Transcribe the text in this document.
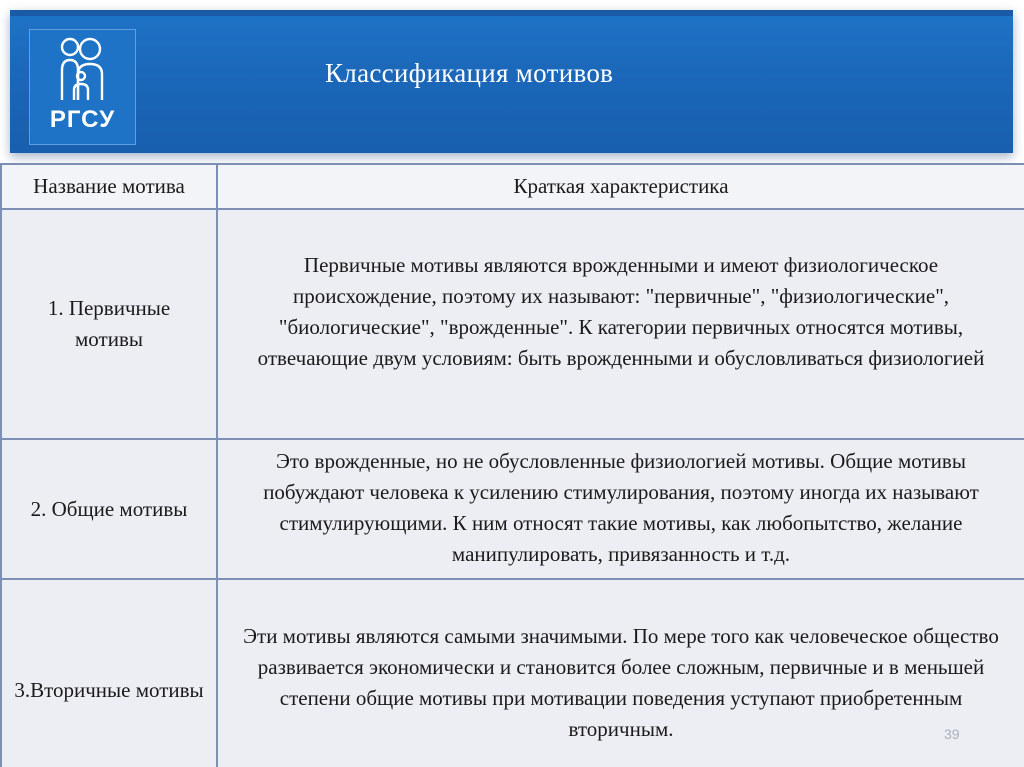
РГСУ
Классификация мотивов
Название мотива	Краткая характеристика
1. Первичные мотивы	Первичные мотивы являются врожденными и имеют физиологическое происхождение, поэтому их называют: "первичные", "физиологические", "биологические", "врожденные". К категории первичных относятся мотивы, отвечающие двум условиям: быть врожденными и обусловливаться физиологией
2. Общие мотивы	Это врожденные, но не обусловленные физиологией мотивы. Общие мотивы побуждают человека к усилению стимулирования, поэтому иногда их называют стимулирующими. К ним относят такие мотивы, как любопытство, желание манипулировать, привязанность и т.д.
3.Вторичные мотивы	Эти мотивы являются самыми значимыми. По мере того как человеческое общество развивается экономически и становится более сложным, первичные и в меньшей степени общие мотивы при мотивации поведения уступают приобретенным вторичным.	39
